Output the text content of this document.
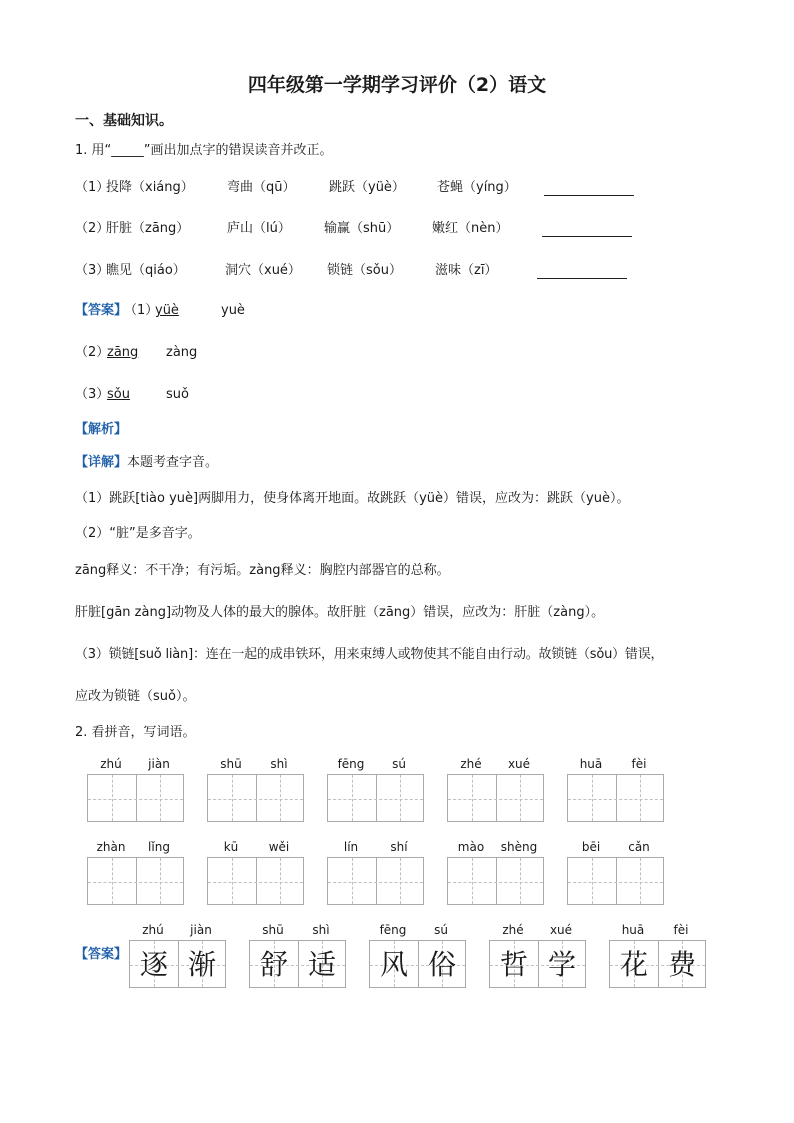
四年级第一学期学习评价（2）语文
一、基础知识。
1. 用“_____”画出加点字的错误读音并改正。
（1）
投降（xiáng）	弯曲（qū）	跳跃（yüè） 苍蝇（yíng）
（2）
肝脏（zāng）	庐山（lú）	输赢（shū）	嫩红（nèn）
（3）
瞧见（qiáo）	洞穴（xué） 锁链（sǒu）	滋味（zī）
【答案】
（1）
yüè	yuè
（2）
zāng zàng
（3）
sǒu	suǒ
【解析】
【详解】本题考查字音。
（1）跳跃[tiào yuè]两脚用力，使身体离开地面。故跳跃（yüè）错误，应改为：跳跃（yuè）。
（2）“脏”是多音字。
zāng释义：不干净；有污垢。zàng释义：胸腔内部器官的总称。
肝脏[gān zàng]动物及人体的最大的腺体。故肝脏（zāng）错误，应改为：肝脏（zàng）。
（3）锁链[suǒ liàn]：连在一起的成串铁环，用来束缚人或物使其不能自由行动。故锁链（sǒu）错误，
应改为锁链（suǒ）。
2. 看拼音，写词语。
zhú	jiàn	shū	shì	fēng	sú	zhé	xué	huā	fèi
zhàn	lǐng	kū	wěi	lín	shí	mào	shèng	bēi	cǎn
【答案】
zhú	jiàn
逐 渐
shū	shì
舒 适
fēng	sú
风 俗
zhé	xué
哲 学
huā	fèi
花 费
